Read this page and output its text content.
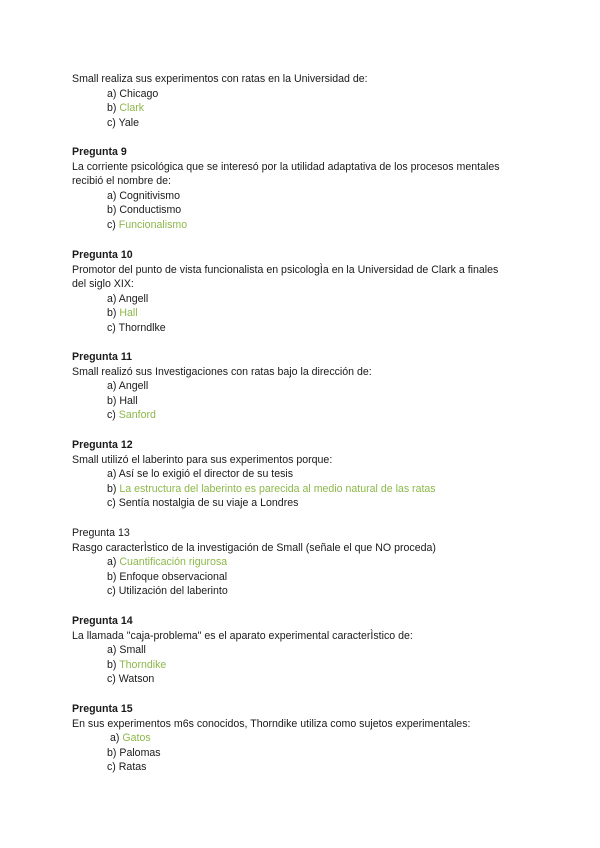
Small realiza sus experimentos con ratas en la Universidad de:
a) Chicago
b) Clark
c) Yale
Pregunta 9
La corriente psicológica que se interesó por la utilidad adaptativa de los procesos mentales
recibió el nombre de:
a) Cognitivismo
b) Conductismo
c) Funcionalismo
Pregunta 10
Promotor del punto de vista funcionalista en psicologÌa en la Universidad de Clark a finales
del siglo XIX:
a) Angell
b) Hall
c) Thorndlke
Pregunta 11
Small realizó sus Investigaciones con ratas bajo la dirección de:
a) Angell
b) Hall
c) Sanford
Pregunta 12
Small utilizó el laberinto para sus experimentos porque:
a) Así se lo exigió el director de su tesis
b) La estructura del laberinto es parecida al medio natural de las ratas
c) Sentía nostalgia de su viaje a Londres
Pregunta 13
Rasgo caracterÌstico de la investigación de Small (señale el que NO proceda)
a) Cuantificación rigurosa
b) Enfoque observacional
c) Utilización del laberinto
Pregunta 14
La llamada "caja-problema" es el aparato experimental caracterÌstico de:
a) Small
b) Thorndike
c) Watson
Pregunta 15
En sus experimentos m6s conocidos, Thorndike utiliza como sujetos experimentales:
a) Gatos
b) Palomas
c) Ratas
